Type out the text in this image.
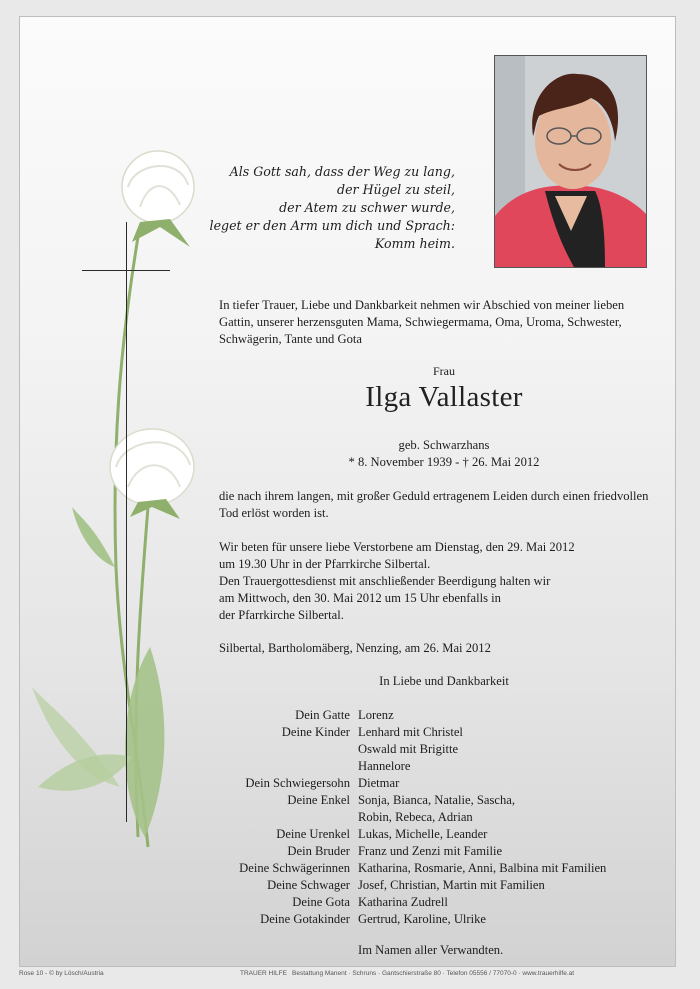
Als Gott sah, dass der Weg zu lang,
der Hügel zu steil,
der Atem zu schwer wurde,
leget er den Arm um dich und Sprach:
Komm heim.
In tiefer Trauer, Liebe und Dankbarkeit nehmen wir Abschied von meiner lieben Gattin, unserer herzensguten Mama, Schwiegermama, Oma, Uroma, Schwester, Schwägerin, Tante und Gota
Frau
Ilga Vallaster
geb. Schwarzhans
* 8. November 1939 - † 26. Mai 2012
die nach ihrem langen, mit großer Geduld ertragenem Leiden durch einen friedvollen Tod erlöst worden ist.
Wir beten für unsere liebe Verstorbene am Dienstag, den 29. Mai 2012
um 19.30 Uhr in der Pfarrkirche Silbertal.
Den Trauergottesdienst mit anschließender Beerdigung halten wir
am Mittwoch, den 30. Mai 2012 um 15 Uhr ebenfalls in
der Pfarrkirche Silbertal.
Silbertal, Bartholomäberg, Nenzing, am 26. Mai 2012
In Liebe und Dankbarkeit
Dein Gatte Lorenz
Deine Kinder Lenhard mit Christel
Oswald mit Brigitte
Hannelore
Dein Schwiegersohn Dietmar
Deine Enkel Sonja, Bianca, Natalie, Sascha,
Robin, Rebeca, Adrian
Deine Urenkel Lukas, Michelle, Leander
Dein Bruder Franz und Zenzi mit Familie
Deine Schwägerinnen Katharina, Rosmarie, Anni, Balbina mit Familien
Deine Schwager Josef, Christian, Martin mit Familien
Deine Gota Katharina Zudrell
Deine Gotakinder Gertrud, Karoline, Ulrike
Im Namen aller Verwandten.
Rose 10 - © by Lösch/Austria	TRAUER HILFE Bestattung Manent · Schruns · Gantschierstraße 80 · Telefon 05556 / 77070-0 · www.trauerhilfe.at
